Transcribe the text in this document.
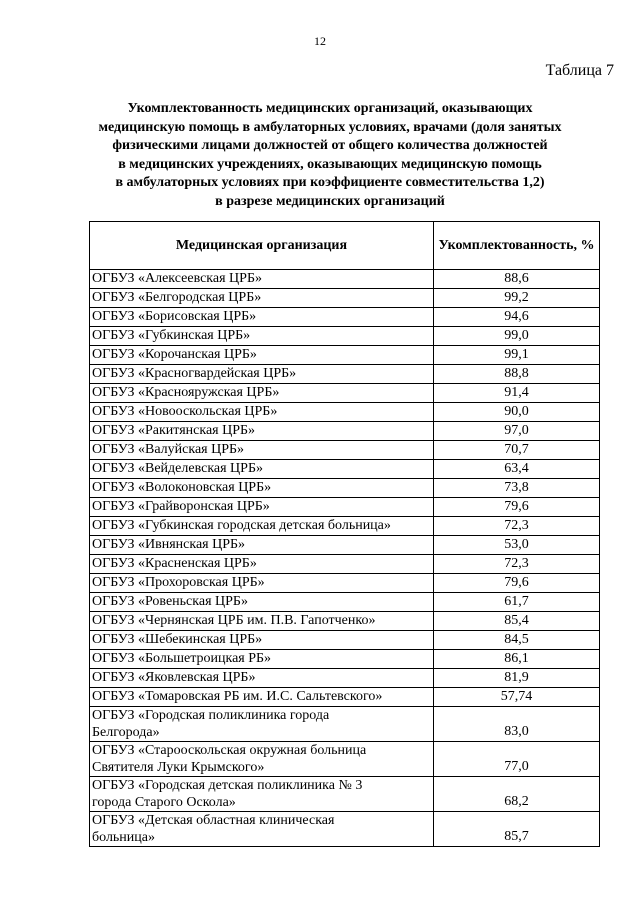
12
Таблица 7
Укомплектованность медицинских организаций, оказывающих
медицинскую помощь в амбулаторных условиях, врачами (доля занятых
физическими лицами должностей от общего количества должностей
в медицинских учреждениях, оказывающих медицинскую помощь
в амбулаторных условиях при коэффициенте совместительства 1,2)
в разрезе медицинских организаций
Медицинская организация	Укомплектованность, %
ОГБУЗ «Алексеевская ЦРБ»	88,6
ОГБУЗ «Белгородская ЦРБ»	99,2
ОГБУЗ «Борисовская ЦРБ»	94,6
ОГБУЗ «Губкинская ЦРБ»	99,0
ОГБУЗ «Корочанская ЦРБ»	99,1
ОГБУЗ «Красногвардейская ЦРБ»	88,8
ОГБУЗ «Краснояружская ЦРБ»	91,4
ОГБУЗ «Новооскольская ЦРБ»	90,0
ОГБУЗ «Ракитянская ЦРБ»	97,0
ОГБУЗ «Валуйская ЦРБ»	70,7
ОГБУЗ «Вейделевская ЦРБ»	63,4
ОГБУЗ «Волоконовская ЦРБ»	73,8
ОГБУЗ «Грайворонская ЦРБ»	79,6
ОГБУЗ «Губкинская городская детская больница»	72,3
ОГБУЗ «Ивнянская ЦРБ»	53,0
ОГБУЗ «Красненская ЦРБ»	72,3
ОГБУЗ «Прохоровская ЦРБ»	79,6
ОГБУЗ «Ровеньская ЦРБ»	61,7
ОГБУЗ «Чернянская ЦРБ им. П.В. Гапотченко»	85,4
ОГБУЗ «Шебекинская ЦРБ»	84,5
ОГБУЗ «Большетроицкая РБ»	86,1
ОГБУЗ «Яковлевская ЦРБ»	81,9
ОГБУЗ «Томаровская РБ им. И.С. Сальтевского»	57,74

ОГБУЗ «Городская поликлиника города
Белгорода»	83,0

ОГБУЗ «Старооскольская окружная больница
Святителя Луки Крымского»	77,0

ОГБУЗ «Городская детская поликлиника № 3
города Старого Оскола»	68,2

ОГБУЗ «Детская областная клиническая
больница»	85,7
